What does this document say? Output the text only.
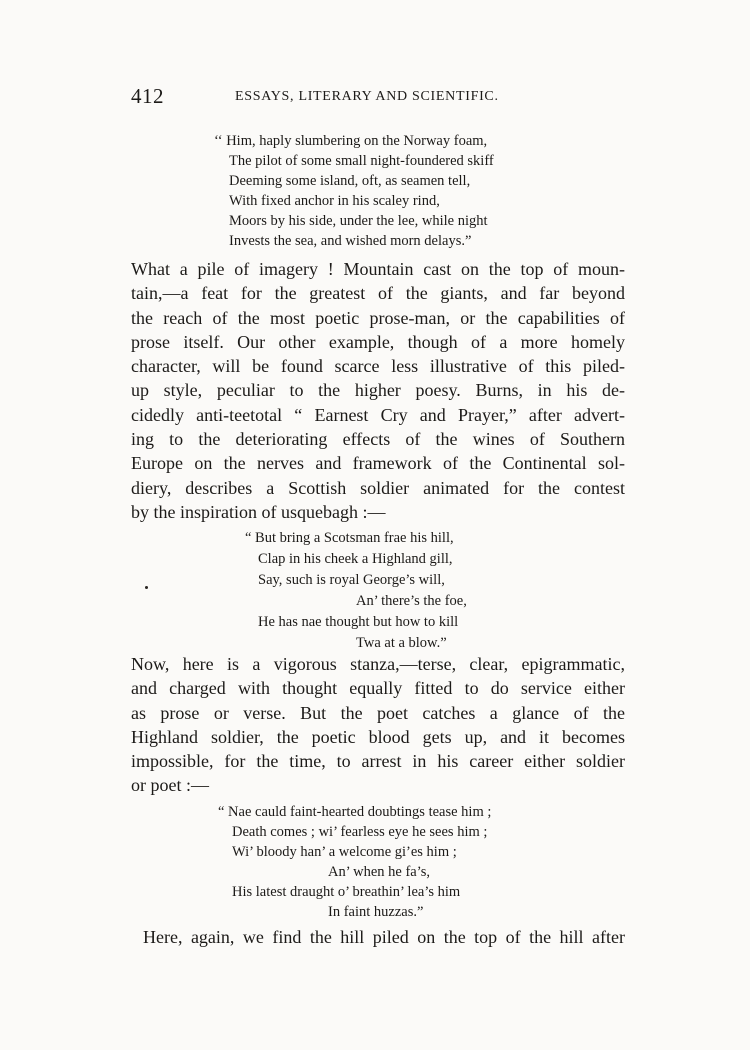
412	ESSAYS, LITERARY AND SCIENTIFIC.
‘‘ Him, haply slumbering on the Norway foam,
The pilot of some small night-foundered skiff
Deeming some island, oft, as seamen tell,
With fixed anchor in his scaley rind,
Moors by his side, under the lee, while night
Invests the sea, and wished morn delays.”
What a pile of imagery ! Mountain cast on the top of moun-
tain,—a feat for the greatest of the giants, and far beyond
the reach of the most poetic prose-man, or the capabilities of
prose itself. Our other example, though of a more homely
character, will be found scarce less illustrative of this piled-
up style, peculiar to the higher poesy. Burns, in his de-
cidedly anti-teetotal “ Earnest Cry and Prayer,” after advert-
ing to the deteriorating effects of the wines of Southern
Europe on the nerves and framework of the Continental sol-
diery, describes a Scottish soldier animated for the contest
by the inspiration of usquebagh :—
“ But bring a Scotsman frae his hill,
Clap in his cheek a Highland gill,
Say, such is royal George’s will,
An’ there’s the foe,
He has nae thought but how to kill
Twa at a blow.”
Now, here is a vigorous stanza,—terse, clear, epigrammatic,
and charged with thought equally fitted to do service either
as prose or verse. But the poet catches a glance of the
Highland soldier, the poetic blood gets up, and it becomes
impossible, for the time, to arrest in his career either soldier
or poet :—
“ Nae cauld faint-hearted doubtings tease him ;
Death comes ; wi’ fearless eye he sees him ;
Wi’ bloody han’ a welcome gi’es him ;
An’ when he fa’s,
His latest draught o’ breathin’ lea’s him
In faint huzzas.”
Here, again, we find the hill piled on the top of the hill after
